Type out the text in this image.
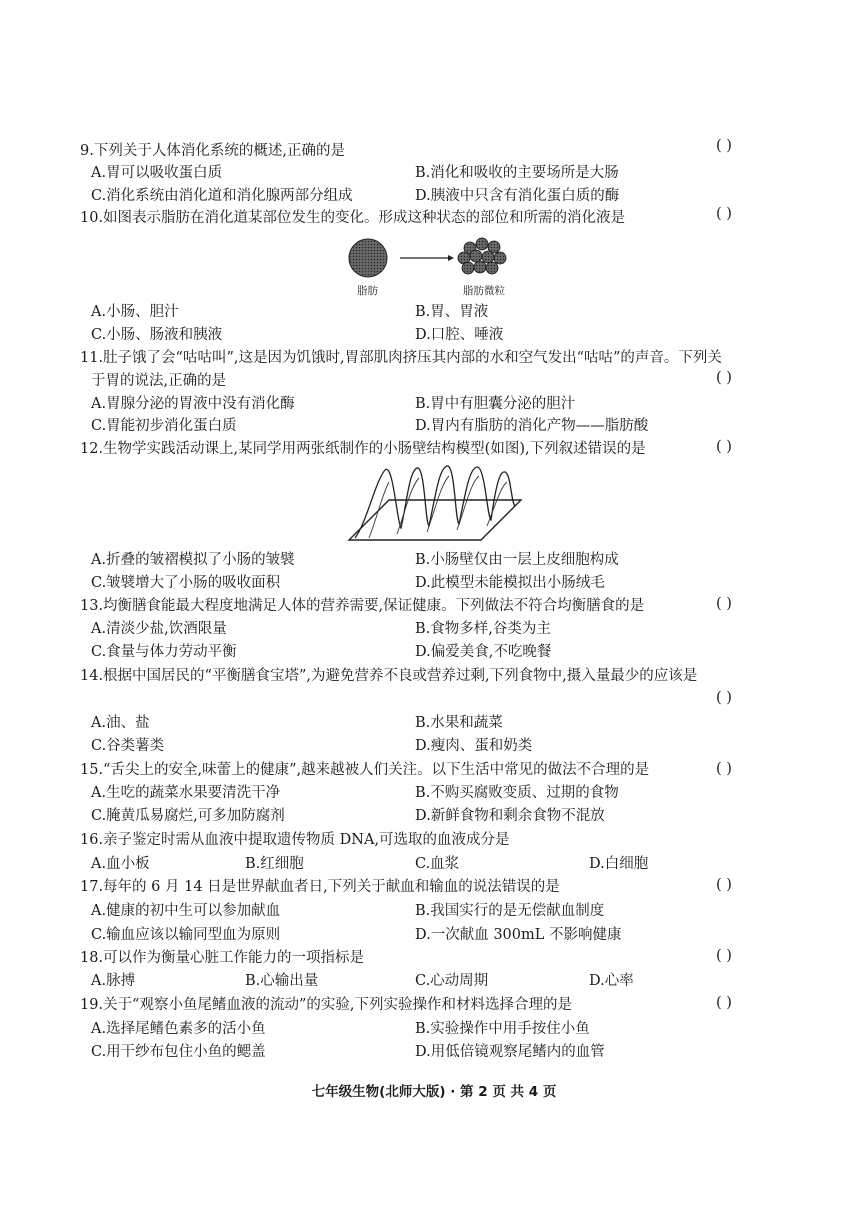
9.下列关于人体消化系统的概述,正确的是	( )
A.胃可以吸收蛋白质	B.消化和吸收的主要场所是大肠
C.消化系统由消化道和消化腺两部分组成	D.胰液中只含有消化蛋白质的酶
10.如图表示脂肪在消化道某部位发生的变化。形成这种状态的部位和所需的消化液是	( )
脂肪	脂肪微粒
A.小肠、胆汁	B.胃、胃液
C.小肠、肠液和胰液	D.口腔、唾液
11.肚子饿了会“咕咕叫”,这是因为饥饿时,胃部肌肉挤压其内部的水和空气发出“咕咕”的声音。下列关
于胃的说法,正确的是	( )
A.胃腺分泌的胃液中没有消化酶	B.胃中有胆囊分泌的胆汁
C.胃能初步消化蛋白质	D.胃内有脂肪的消化产物——脂肪酸
12.生物学实践活动课上,某同学用两张纸制作的小肠壁结构模型(如图),下列叙述错误的是	( )
A.折叠的皱褶模拟了小肠的皱襞	B.小肠壁仅由一层上皮细胞构成
C.皱襞增大了小肠的吸收面积	D.此模型未能模拟出小肠绒毛
13.均衡膳食能最大程度地满足人体的营养需要,保证健康。下列做法不符合均衡膳食的是	( )
A.清淡少盐,饮酒限量	B.食物多样,谷类为主
C.食量与体力劳动平衡	D.偏爱美食,不吃晚餐
14.根据中国居民的“平衡膳食宝塔”,为避免营养不良或营养过剩,下列食物中,摄入量最少的应该是
( )
A.油、盐	B.水果和蔬菜
C.谷类薯类	D.瘦肉、蛋和奶类
15.“舌尖上的安全,味蕾上的健康”,越来越被人们关注。以下生活中常见的做法不合理的是	( )
A.生吃的蔬菜水果要清洗干净	B.不购买腐败变质、过期的食物
C.腌黄瓜易腐烂,可多加防腐剂	D.新鲜食物和剩余食物不混放
16.亲子鉴定时需从血液中提取遗传物质 DNA,可选取的血液成分是
A.血小板	B.红细胞	C.血浆	D.白细胞
17.每年的 6 月 14 日是世界献血者日,下列关于献血和输血的说法错误的是	( )
A.健康的初中生可以参加献血	B.我国实行的是无偿献血制度
C.输血应该以输同型血为原则	D.一次献血 300mL 不影响健康
18.可以作为衡量心脏工作能力的一项指标是	( )
A.脉搏	B.心输出量	C.心动周期	D.心率
19.关于“观察小鱼尾鳍血液的流动”的实验,下列实验操作和材料选择合理的是	( )
A.选择尾鳍色素多的活小鱼	B.实验操作中用手按住小鱼
C.用干纱布包住小鱼的鳃盖	D.用低倍镜观察尾鳍内的血管
七年级生物(北师大版) · 第 2 页 共 4 页
